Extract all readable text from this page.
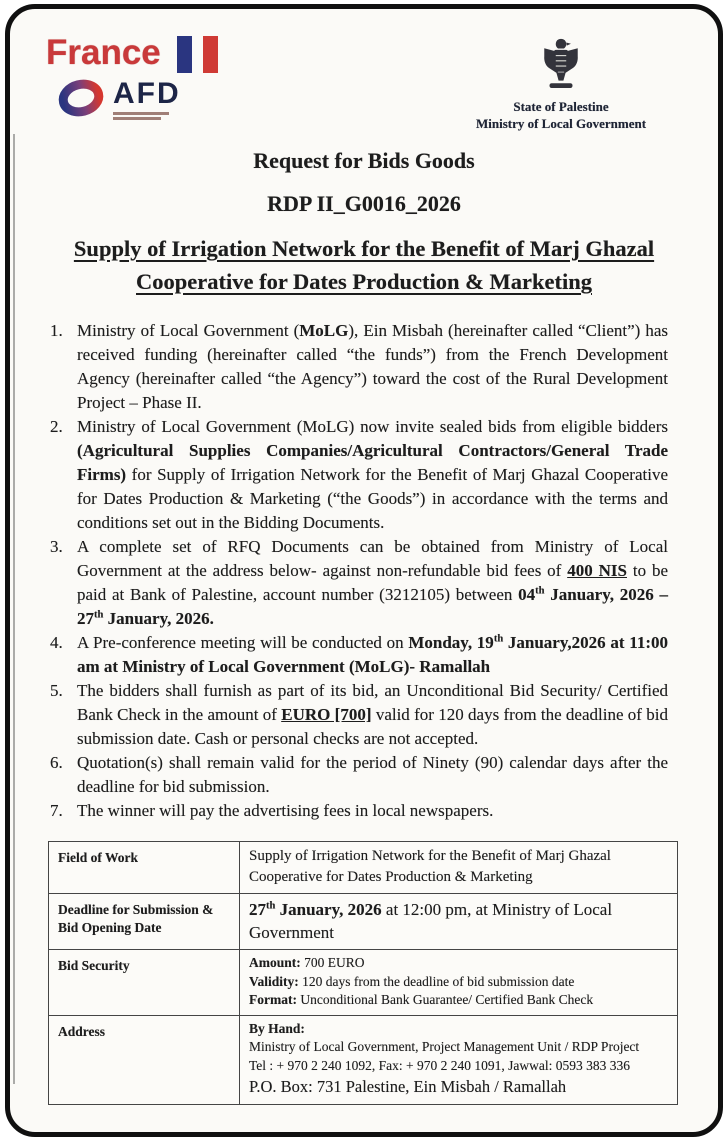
France
AFD	State of Palestine
Ministry of Local Government

Request for Bids Goods

RDP II_G0016_2026

Supply of Irrigation Network for the Benefit of Marj Ghazal Cooperative for Dates Production & Marketing

1. Ministry of Local Government (MoLG), Ein Misbah (hereinafter called “Client”) has received funding (hereinafter called “the funds”) from the French Development Agency (hereinafter called “the Agency”) toward the cost of the Rural Development Project – Phase II.
2. Ministry of Local Government (MoLG) now invite sealed bids from eligible bidders (Agricultural Supplies Companies/Agricultural Contractors/General Trade Firms) for Supply of Irrigation Network for the Benefit of Marj Ghazal Cooperative for Dates Production & Marketing (“the Goods”) in accordance with the terms and conditions set out in the Bidding Documents.
3. A complete set of RFQ Documents can be obtained from Ministry of Local Government at the address below- against non-refundable bid fees of 400 NIS to be paid at Bank of Palestine, account number (3212105) between 04th January, 2026 – 27th January, 2026.
4. A Pre-conference meeting will be conducted on Monday, 19th January,2026 at 11:00 am at Ministry of Local Government (MoLG)- Ramallah
5. The bidders shall furnish as part of its bid, an Unconditional Bid Security/ Certified Bank Check in the amount of EURO [700] valid for 120 days from the deadline of bid submission date. Cash or personal checks are not accepted.
6. Quotation(s) shall remain valid for the period of Ninety (90) calendar days after the deadline for bid submission.
7. The winner will pay the advertising fees in local newspapers.
Field of Work	Supply of Irrigation Network for the Benefit of Marj Ghazal Cooperative for Dates Production & Marketing

Deadline for Submission & Bid Opening Date	27th January, 2026 at 12:00 pm, at Ministry of Local Government

Bid Security	Amount: 700 EURO
Validity: 120 days from the deadline of bid submission date
Format: Unconditional Bank Guarantee/ Certified Bank Check

Address	By Hand:
Ministry of Local Government, Project Management Unit / RDP Project
Tel : + 970 2 240 1092, Fax: + 970 2 240 1091, Jawwal: 0593 383 336
P.O. Box: 731 Palestine, Ein Misbah / Ramallah
